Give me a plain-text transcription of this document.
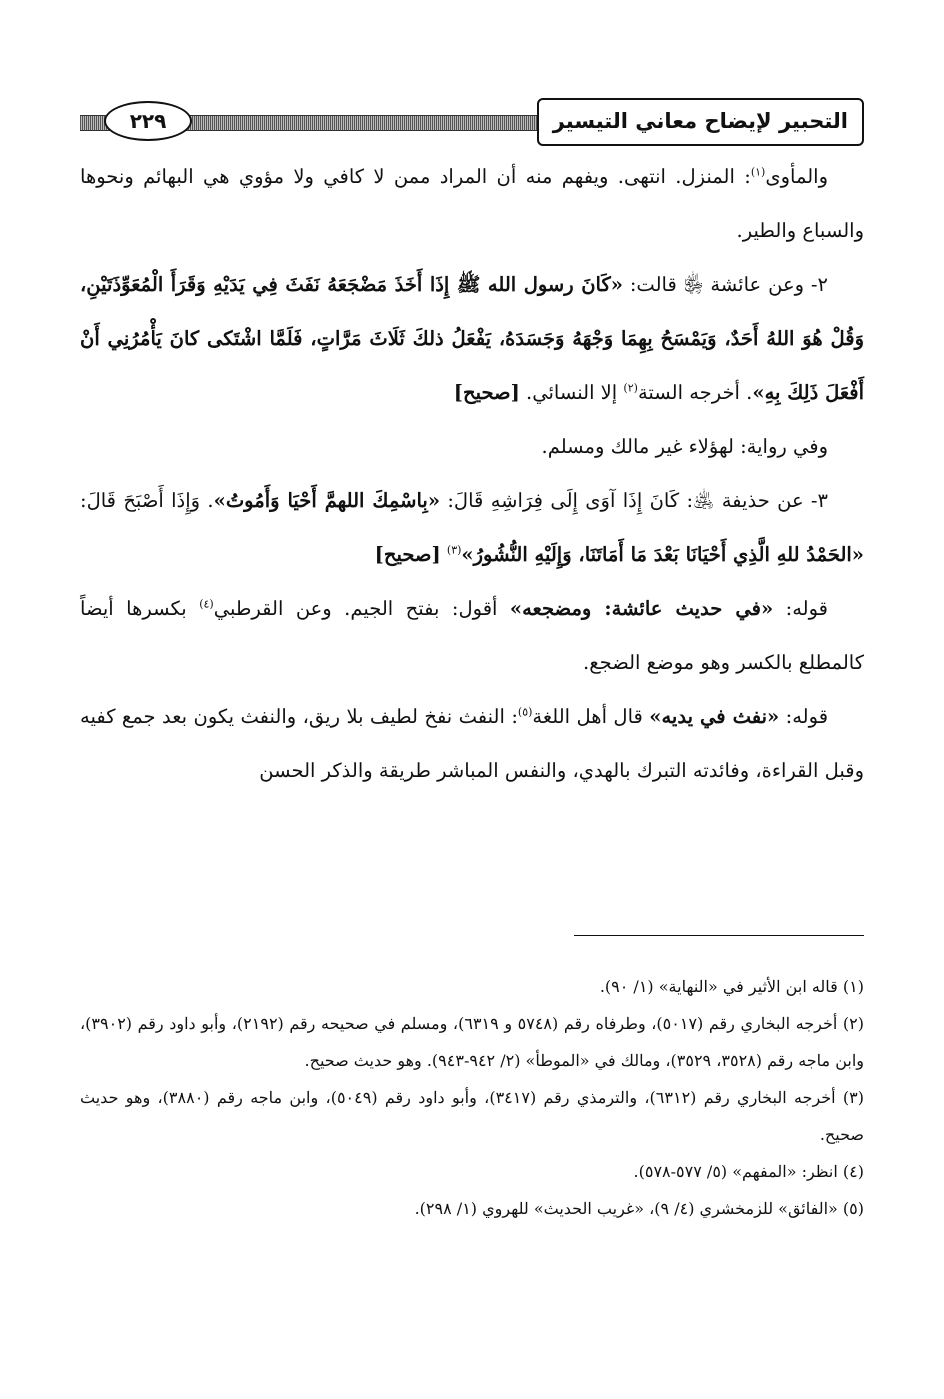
التحبير لإيضاح معاني التيسير
٢٢٩

والمأوى$^{(١)}$: المنزل. انتهى. ويفهم منه أن المراد ممن لا كافي ولا مؤوي هي البهائم ونحوها والسباع والطير.

٢- وعن عائشة ﵂ قالت: «كَانَ رسول الله ﷺ إِذَا أَخَذَ مَضْجَعَهُ نَفَثَ فِي يَدَيْهِ وَقَرَأَ الْمُعَوِّذَتَيْنِ، وَقُلْ هُوَ اللهُ أَحَدٌ، وَيَمْسَحُ بِهِمَا وَجْهَهُ وَجَسَدَهُ، يَفْعَلُ ذلكَ ثَلَاثَ مَرَّاتٍ، فَلَمَّا اشْتَكى كانَ يَأْمُرُنِي أَنْ أَفْعَلَ ذَلِكَ بِهِ». أخرجه الستة$^{(٢)}$ إلا النسائي. [صحيح]

وفي رواية: لهؤلاء غير مالك ومسلم.

٣- عن حذيفة ﵁: كَانَ إِذَا آوَى إِلَى فِرَاشِهِ قَالَ: «بِاسْمِكَ اللهمَّ أَحْيَا وَأَمُوتُ». وَإِذَا أَصْبَحَ قَالَ: «الحَمْدُ للهِ الَّذِي أَحْيَانَا بَعْدَ مَا أَمَاتَنَا، وَإِلَيْهِ النُّشُورُ»$^{(٣)}$ [صحيح]

قوله: «في حديث عائشة: ومضجعه» أقول: بفتح الجيم. وعن القرطبي$^{(٤)}$ بكسرها أيضاً كالمطلع بالكسر وهو موضع الضجع.

قوله: «نفث في يديه» قال أهل اللغة$^{(٥)}$: النفث نفخ لطيف بلا ريق، والنفث يكون بعد جمع كفيه وقبل القراءة، وفائدته التبرك بالهدي، والنفس المباشر طريقة والذكر الحسن

(١) قاله ابن الأثير في «النهاية» (١/ ٩٠).

(٢) أخرجه البخاري رقم (٥٠١٧)، وطرفاه رقم (٥٧٤٨ و ٦٣١٩)، ومسلم في صحيحه رقم (٢١٩٢)، وأبو داود رقم (٣٩٠٢)، وابن ماجه رقم (٣٥٢٨، ٣٥٢٩)، ومالك في «الموطأ» (٢/ ٩٤٢-٩٤٣). وهو حديث صحيح.

(٣) أخرجه البخاري رقم (٦٣١٢)، والترمذي رقم (٣٤١٧)، وأبو داود رقم (٥٠٤٩)، وابن ماجه رقم (٣٨٨٠)، وهو حديث صحيح.

(٤) انظر: «المفهم» (٥/ ٥٧٧-٥٧٨).

(٥) «الفائق» للزمخشري (٤/ ٩)، «غريب الحديث» للهروي (١/ ٢٩٨).
